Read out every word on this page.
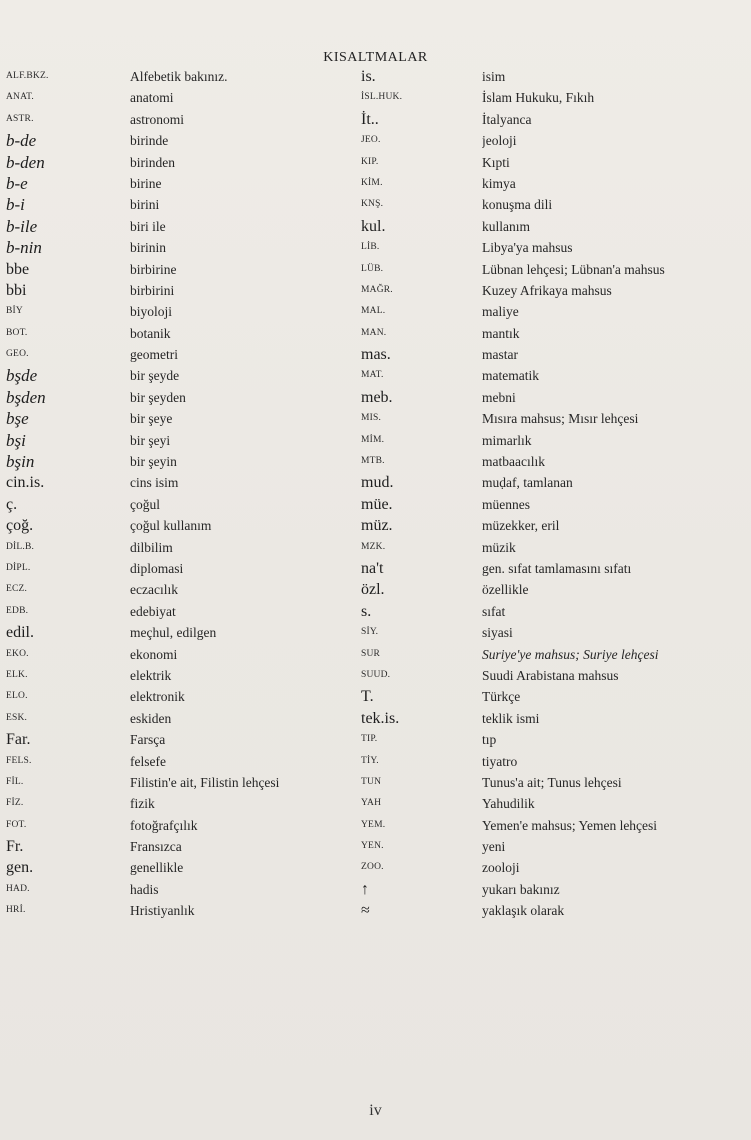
KISALTMALAR
ALF.BKZ.	Alfebetik bakınız.	is.	isim
ANAT.	anatomi	İSL.HUK.	İslam Hukuku, Fıkıh
ASTR.	astronomi	İt..	İtalyanca
b-de	birinde	JEO.	jeoloji
b-den	birinden	KIP.	Kıpti
b-e	birine	KİM.	kimya
b-i	birini	KNŞ.	konuşma dili
b-ile	biri ile	kul.	kullanım
b-nin	birinin	LİB.	Libya'ya mahsus
bbe	birbirine	LÜB.	Lübnan lehçesi; Lübnan'a mahsus
bbi	birbirini	MAĞR.	Kuzey Afrikaya mahsus
BİY	biyoloji	MAL.	maliye
BOT.	botanik	MAN.	mantık
GEO.	geometri	mas.	mastar
bşde	bir şeyde	MAT.	matematik
bşden	bir şeyden	meb.	mebni
bşe	bir şeye	MIS.	Mısıra mahsus; Mısır lehçesi
bşi	bir şeyi	MİM.	mimarlık
bşin	bir şeyin	MTB.	matbaacılık
cin.is.	cins isim	mud.	muḍaf, tamlanan
ç.	çoğul	müe.	müennes
çoğ.	çoğul kullanım	müz.	müzekker, eril
DİL.B.	dilbilim	MZK.	müzik
DİPL.	diplomasi	na't	gen. sıfat tamlamasını sıfatı
ECZ.	eczacılık	özl.	özellikle
EDB.	edebiyat	s.	sıfat
edil.	meçhul, edilgen	SİY.	siyasi
EKO.	ekonomi	SUR	Suriye'ye mahsus; Suriye lehçesi
ELK.	elektrik	SUUD.	Suudi Arabistana mahsus
ELO.	elektronik	T.	Türkçe
ESK.	eskiden	tek.is.	teklik ismi
Far.	Farsça	TIP.	tıp
FELS.	felsefe	TİY.	tiyatro
FİL.	Filistin'e ait, Filistin lehçesi	TUN	Tunus'a ait; Tunus lehçesi
FİZ.	fizik	YAH	Yahudilik
FOT.	fotoğrafçılık	YEM.	Yemen'e mahsus; Yemen lehçesi
Fr.	Fransızca	YEN.	yeni
gen.	genellikle	ZOO.	zooloji
HAD.	hadis	↑	yukarı bakınız
HRİ.	Hristiyanlık	≈	yaklaşık olarak
iv
